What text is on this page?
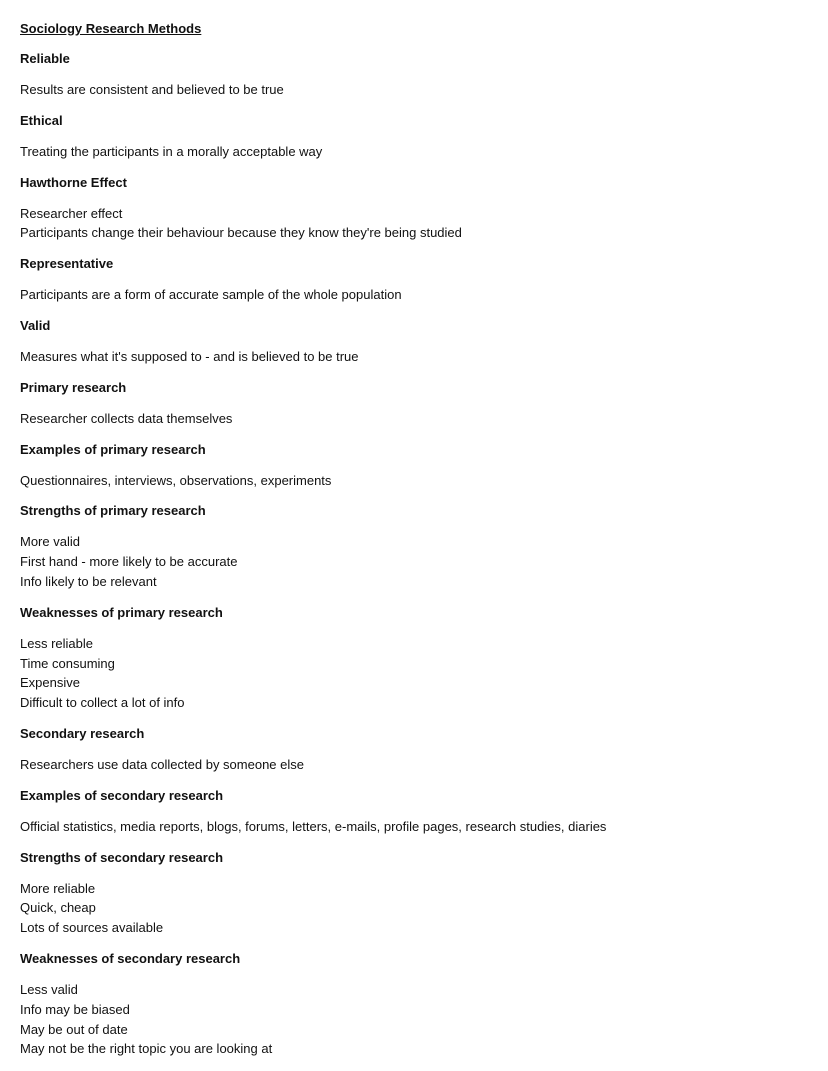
Sociology Research Methods
Reliable
Results are consistent and believed to be true
Ethical
Treating the participants in a morally acceptable way
Hawthorne Effect
Researcher effect
Participants change their behaviour because they know they're being studied
Representative
Participants are a form of accurate sample of the whole population
Valid
Measures what it's supposed to - and is believed to be true
Primary research
Researcher collects data themselves
Examples of primary research
Questionnaires, interviews, observations, experiments
Strengths of primary research
More valid
First hand - more likely to be accurate
Info likely to be relevant
Weaknesses of primary research
Less reliable
Time consuming
Expensive
Difficult to collect a lot of info
Secondary research
Researchers use data collected by someone else
Examples of secondary research
Official statistics, media reports, blogs, forums, letters, e-mails, profile pages, research studies, diaries
Strengths of secondary research
More reliable
Quick, cheap
Lots of sources available
Weaknesses of secondary research
Less valid
Info may be biased
May be out of date
May not be the right topic you are looking at
